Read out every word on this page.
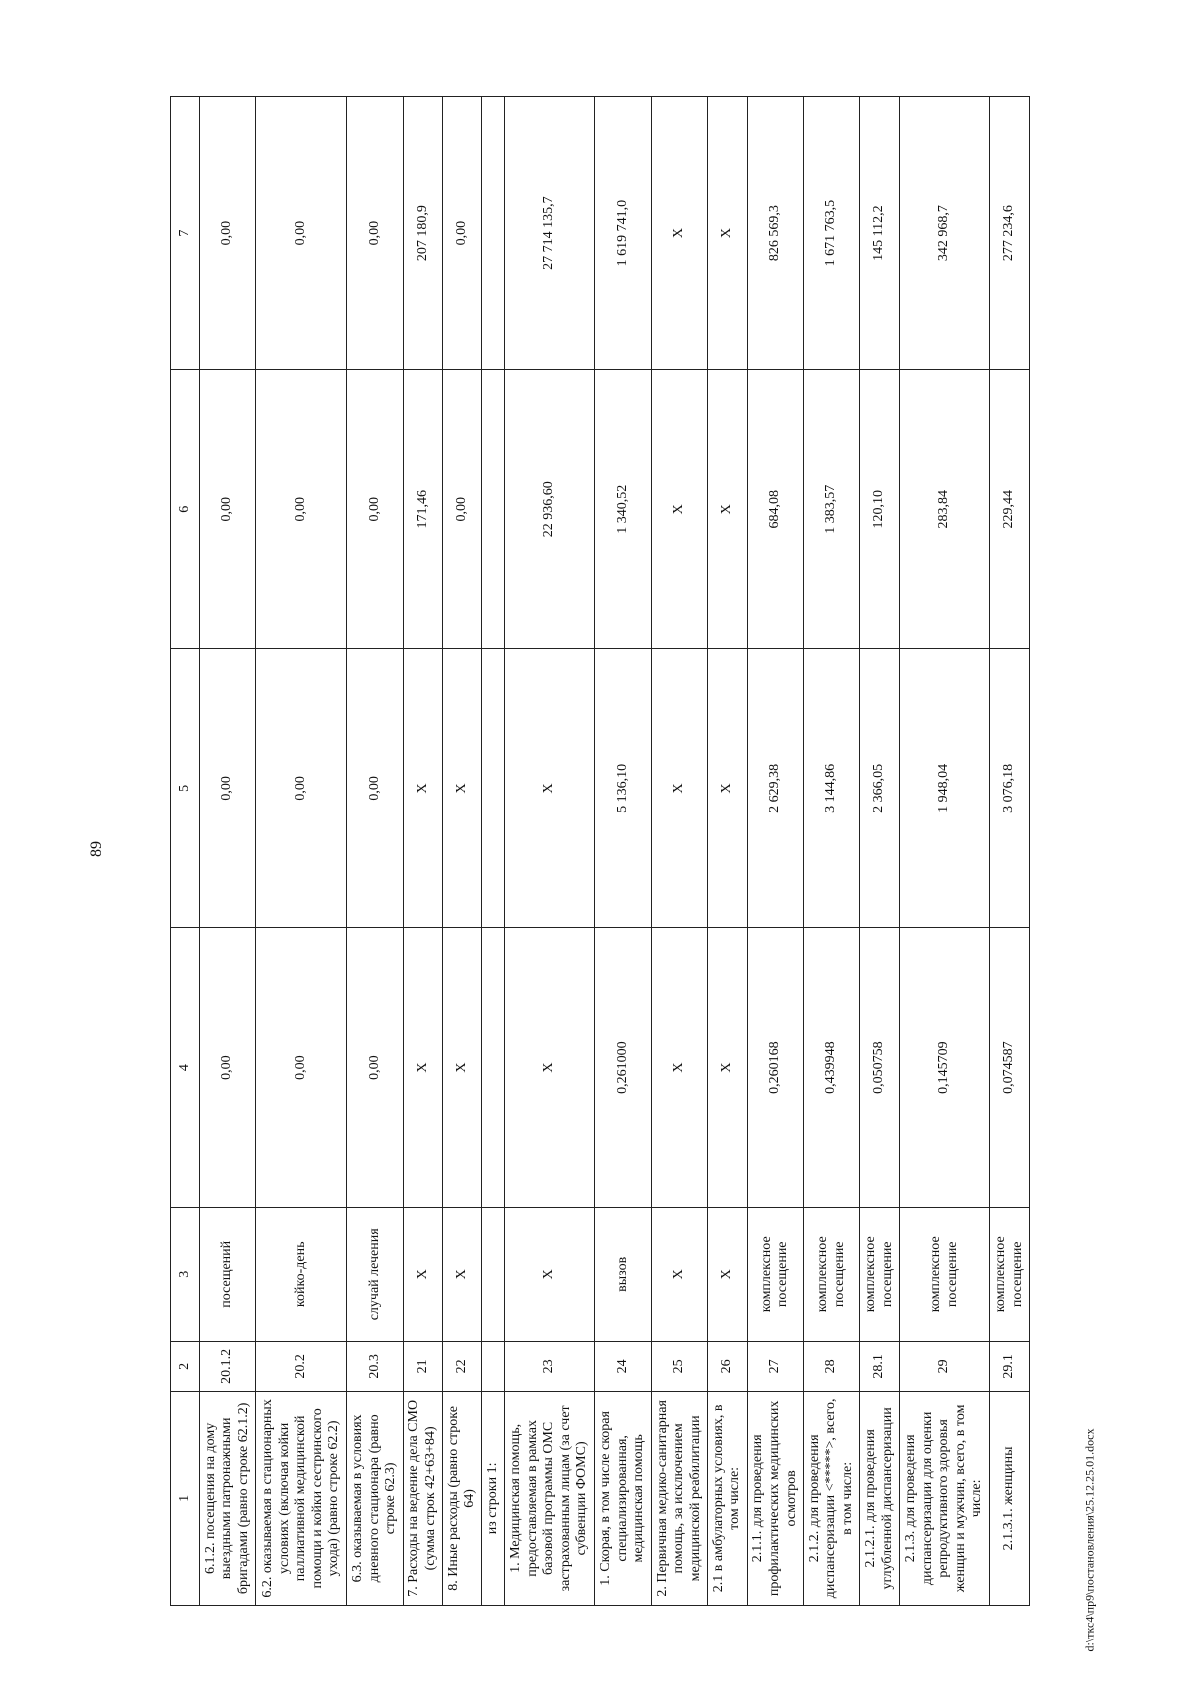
89
d:\ткс4\пр9\постановления\25.12.25.01.docx
1	2	3	4	5	6	7
6.1.2. посещения на дому выездными патронажными бригадами (равно строке 62.1.2)	20.1.2	посещений	0,00	0,00	0,00	0,00
6.2. оказываемая в стационарных условиях (включая койки паллиативной медицинской помощи и койки сестринского ухода) (равно строке 62.2)	20.2	койко-день	0,00	0,00	0,00	0,00
6.3. оказываемая в условиях дневного стационара (равно строке 62.3)	20.3	случай лечения	0,00	0,00	0,00	0,00
7. Расходы на ведение дела СМО (сумма строк 42+63+84)	21	Х	Х	Х	171,46	207 180,9
8. Иные расходы (равно строке 64)	22	Х	Х	Х	0,00	0,00
из строки 1:						
1. Медицинская помощь, предоставляемая в рамках базовой программы ОМС застрахованным лицам (за счет субвенции ФОМС)	23	Х	Х	Х	22 936,60	27 714 135,7
1. Скорая, в том числе скорая специализированная, медицинская помощь	24	вызов	0,261000	5 136,10	1 340,52	1 619 741,0
2. Первичная медико-санитарная помощь, за исключением медицинской реабилитации	25	Х	Х	Х	Х	Х
2.1 в амбулаторных условиях, в том числе:	26	Х	Х	Х	Х	Х
2.1.1. для проведения профилактических медицинских осмотров	27	комплексное посещение	0,260168	2 629,38	684,08	826 569,3
2.1.2. для проведения диспансеризации <*****>, всего, в том числе:	28	комплексное посещение	0,439948	3 144,86	1 383,57	1 671 763,5
2.1.2.1. для проведения углубленной диспансеризации	28.1	комплексное посещение	0,050758	2 366,05	120,10	145 112,2
2.1.3. для проведения диспансеризации для оценки репродуктивного здоровья женщин и мужчин, всего, в том числе:	29	комплексное посещение	0,145709	1 948,04	283,84	342 968,7
2.1.3.1. женщины	29.1	комплексное посещение	0,074587	3 076,18	229,44	277 234,6
